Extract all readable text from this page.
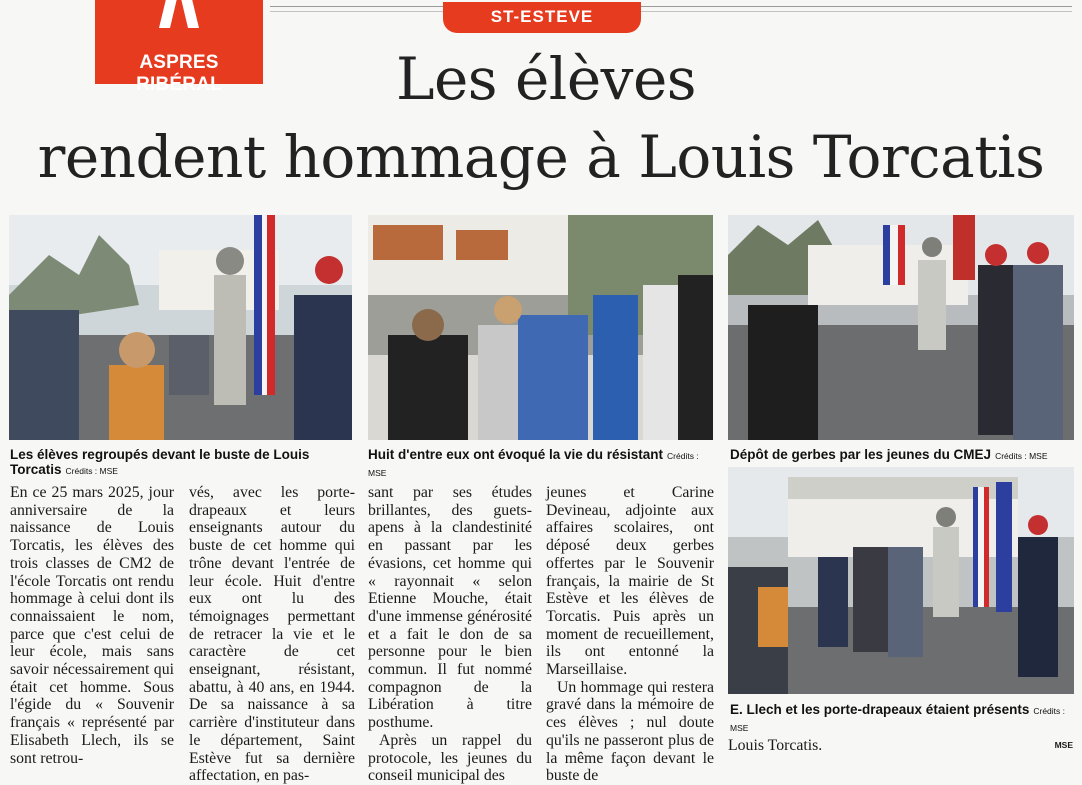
ASPRES RIBÉRAL
ST-ESTEVE
Les élèves
rendent hommage à Louis Torcatis
Les élèves regroupés devant le buste de Louis Torcatis Crédits : MSE
Huit d'entre eux ont évoqué la vie du résistant Crédits : MSE
Dépôt de gerbes par les jeunes du CMEJ Crédits : MSE
E. Llech et les porte-drapeaux étaient présents Crédits : MSE

En ce 25 mars 2025, jour anniversaire de la naissance de Louis Torcatis, les élèves des trois classes de CM2 de l'école Torcatis ont rendu hommage à celui dont ils connaissaient le nom, parce que c'est celui de leur école, mais sans savoir nécessairement qui était cet homme. Sous l'égide du « Souvenir français « représenté par Elisabeth Llech, ils se sont retrou-

vés, avec les porte-drapeaux et leurs enseignants autour du buste de cet homme qui trône devant l'entrée de leur école. Huit d'entre eux ont lu des témoignages permettant de retracer la vie et le caractère de cet enseignant, résistant, abattu, à 40 ans, en 1944. De sa naissance à sa carrière d'instituteur dans le département, Saint Estève fut sa dernière affectation, en pas-

sant par ses études brillantes, des guets-apens à la clandestinité en passant par les évasions, cet homme qui « rayonnait « selon Etienne Mouche, était d'une immense générosité et a fait le don de sa personne pour le bien commun. Il fut nommé compagnon de la Libération à titre posthume.

Après un rappel du protocole, les jeunes du conseil municipal des

jeunes et Carine Devineau, adjointe aux affaires scolaires, ont déposé deux gerbes offertes par le Souvenir français, la mairie de St Estève et les élèves de Torcatis. Puis après un moment de recueillement, ils ont entonné la Marseillaise.

Un hommage qui restera gravé dans la mémoire de ces élèves ; nul doute qu'ils ne passeront plus de la même façon devant le buste de

Louis Torcatis.	MSE
